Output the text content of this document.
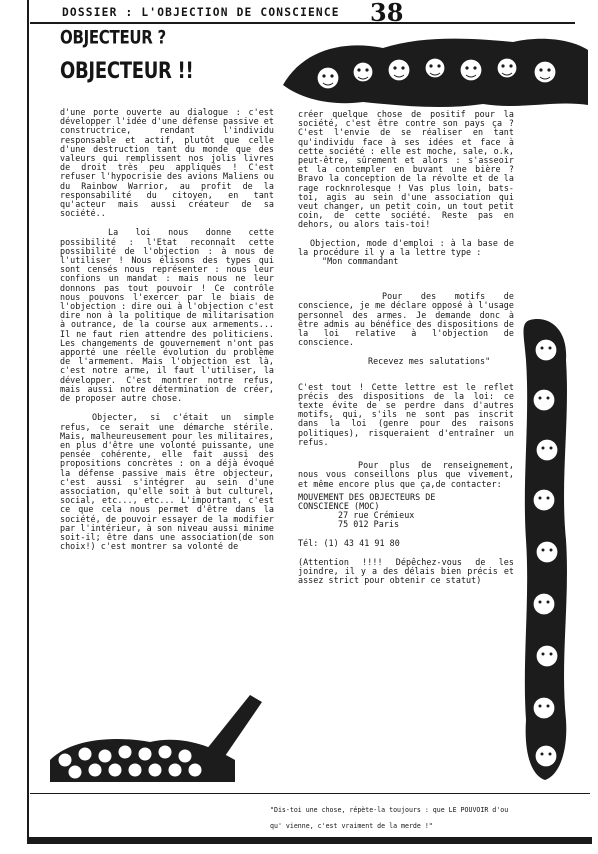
DOSSIER : L'OBJECTION DE CONSCIENCE 38
OBJECTEUR ?
OBJECTEUR !!

d'une porte ouverte au dialogue : c'est développer l'idée d'une défense passive et constructrice, rendant l'individu responsable et actif, plutôt que celle d'une destruction tant du monde que des valeurs qui remplissent nos jolis livres de droit très peu appliqués ! C'est refuser l'hypocrisie des avions Maliens ou du Rainbow Warrior, au profit de la responsabilité du citoyen, en tant qu'acteur mais aussi créateur de sa société..

La loi nous donne cette possibilité : l'Etat reconnaît cette possibilité de l'objection : à nous de l'utiliser ! Nous élisons des types qui sont censés nous représenter : nous leur confions un mandat : mais nous ne leur donnons pas tout pouvoir ! Ce contrôle nous pouvons l'exercer par le biais de l'objection : dire oui à l'objection c'est dire non à la politique de militarisation à outrance, de la course aux armements... Il ne faut rien attendre des politiciens. Les changements de gouvernement n'ont pas apporté une réelle évolution du problème de l'armement. Mais l'objection est là, c'est notre arme, il faut l'utiliser, la développer. C'est montrer notre refus, mais aussi notre détermination de créer, de proposer autre chose.

Objecter, si c'était un simple refus, ce serait une démarche stérile. Mais, malheureusement pour les militaires, en plus d'être une volonté puissante, une pensée cohérente, elle fait aussi des propositions concrètes : on a déjà évoqué la défense passive mais être objecteur, c'est aussi s'intégrer au sein d'une association, qu'elle soit à but culturel, social, etc..., etc... L'important, c'est ce que cela nous permet d'être dans la société, de pouvoir essayer de la modifier par l'intérieur, à son niveau aussi minime soit-il; être dans une association(de son choix!) c'est montrer sa volonté de

créer quelque chose de positif pour la société, c'est être contre son pays ça ? C'est l'envie de se réaliser en tant qu'individu face à ses idées et face à cette société : elle est moche, sale, o.k, peut-être, sûrement et alors : s'asseoir et la contempler en buvant une bière ? Bravo la conception de la révolte et de la rage rocknrolesque ! Vas plus loin, bats-toi, agis au sein d'une association qui veut changer, un petit coin, un tout petit coin, de cette société. Reste pas en dehors, ou alors tais-toi!

Objection, mode d'emploi : à la base de la procédure il y a la lettre type :

"Mon commandant

Pour des motifs de conscience, je me déclare opposé à l'usage personnel des armes. Je demande donc à être admis au bénéfice des dispositions de la loi relative à l'objection de conscience.

Recevez mes salutations"

C'est tout ! Cette lettre est le reflet précis des dispositions de la loi: ce texte évite de se perdre dans d'autres motifs, qui, s'ils ne sont pas inscrit dans la loi (genre pour des raisons politiques), risqueraient d'entraîner un refus.

Pour plus de renseignement, nous vous conseillons plus que vivement, et même encore plus que ça,de contacter:

MOUVEMENT DES OBJECTEURS DE
CONSCIENCE (MOC)
27 rue Crémieux
75 012 Paris

Tél: (1) 43 41 91 80

(Attention !!!! Dépêchez-vous de les joindre, il y a des délais bien précis et assez strict pour obtenir ce statut)

"Dis-toi une chose, répète-la toujours : que LE POUVOIR d'ou

qu' vienne, c'est vraiment de la merde !"
